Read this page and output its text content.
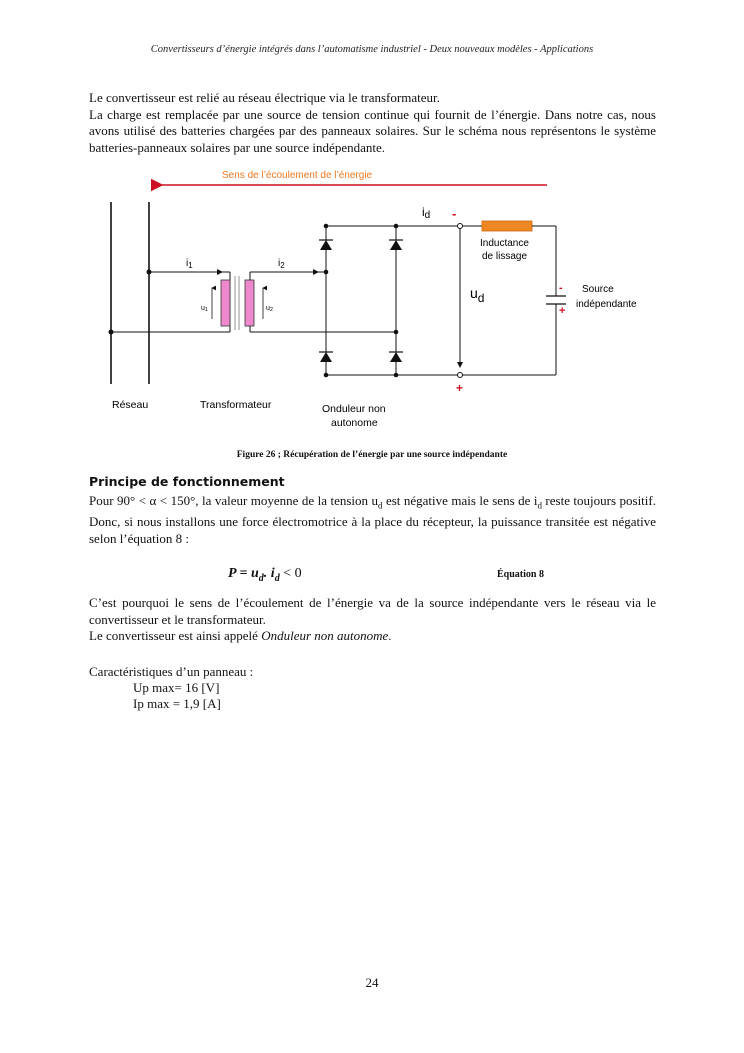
Convertisseurs d’énergie intégrés dans l’automatisme industriel - Deux nouveaux modèles - Applications

Le convertisseur est relié au réseau électrique via le transformateur.

La charge est remplacée par une source de tension continue qui fournit de l’énergie. Dans notre cas, nous avons utilisé des batteries chargées par des panneaux solaires. Sur le schéma nous représentons le système batteries-panneaux solaires par une source indépendante.

Sens de l’écoulement de l’énergie
$i_1$
u1	u2
$i_2$
id -
-
+
Inductance
de lissage
Source
indépendante
ud
+
Réseau	Transformateur	Onduleur non
autonome
Figure 26 ; Récupération de l’énergie par une source indépendante
Principe de fonctionnement

Pour 90° < α < 150°, la valeur moyenne de la tension $u_d$ est négative mais le sens de $i_d$ reste toujours positif. Donc, si nous installons une force électromotrice à la place du récepteur, la puissance transitée est négative selon l’équation 8 :

$P = u_d$. $i_d < 0$	Équation 8

C’est pourquoi le sens de l’écoulement de l’énergie va de la source indépendante vers le réseau via le convertisseur et le transformateur.

Le convertisseur est ainsi appelé Onduleur non autonome.

Caractéristiques d’un panneau :
Up max= 16 [V]
Ip max = 1,9 [A]
24
